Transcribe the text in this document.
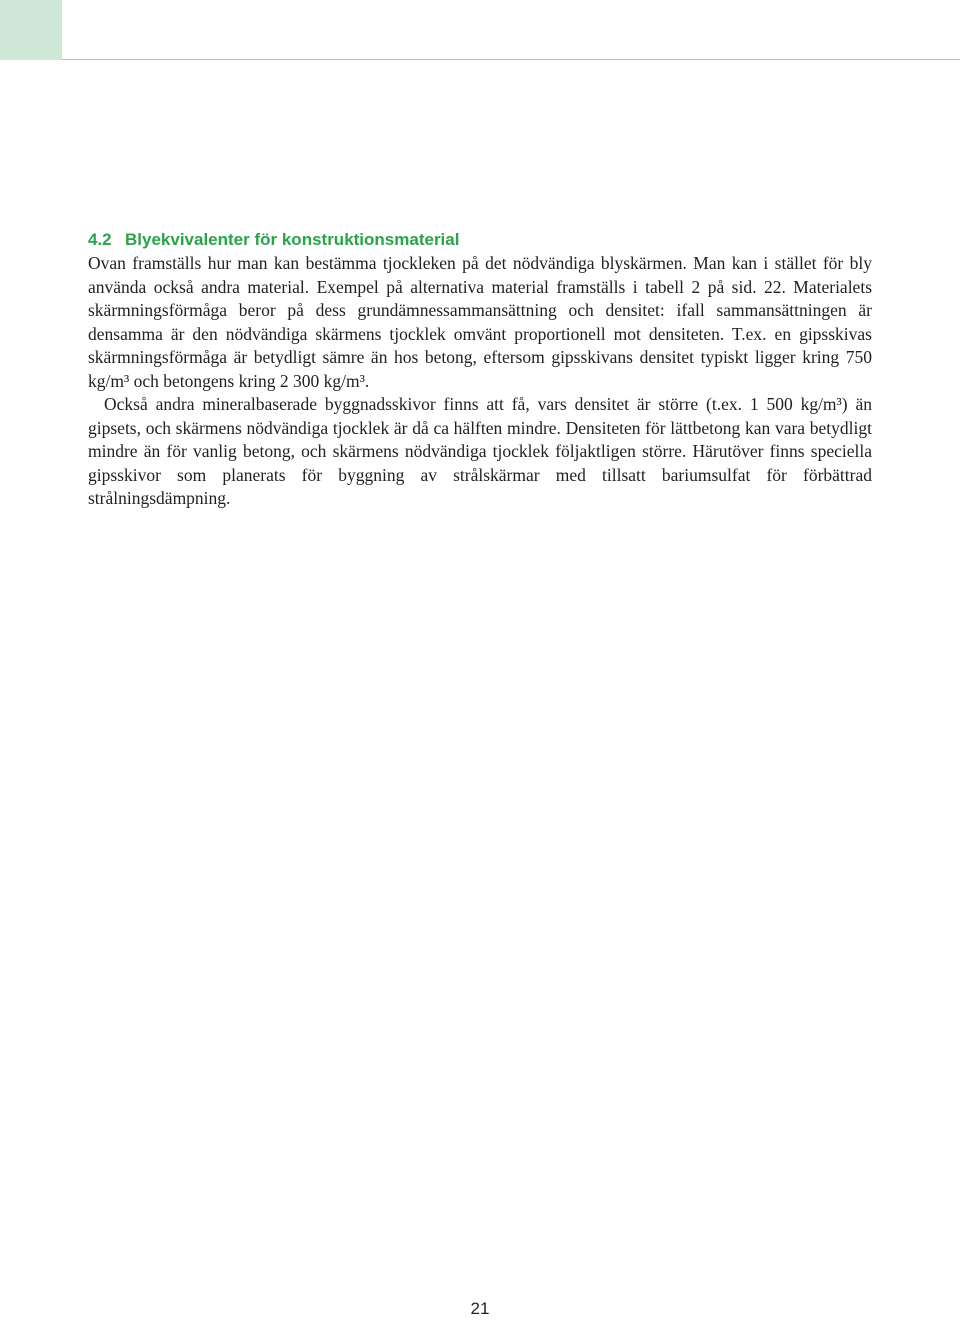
4.2 Blyekvivalenter för konstruktionsmaterial

Ovan framställs hur man kan bestämma tjockleken på det nödvändiga blyskärmen. Man kan i stället för bly använda också andra material. Exempel på alternativa material framställs i tabell 2 på sid. 22. Materialets skärmningsförmåga beror på dess grundämnessammansättning och densitet: ifall sammansättningen är densamma är den nödvändiga skärmens tjocklek omvänt proportionell mot densiteten. T.ex. en gipsskivas skärmningsförmåga är betydligt sämre än hos betong, eftersom gipsskivans densitet typiskt ligger kring 750 kg/m³ och betongens kring 2 300 kg/m³.

Också andra mineralbaserade byggnadsskivor finns att få, vars densitet är större (t.ex. 1 500 kg/m³) än gipsets, och skärmens nödvändiga tjocklek är då ca hälften mindre. Densiteten för lättbetong kan vara betydligt mindre än för vanlig betong, och skärmens nödvändiga tjocklek följaktligen större. Härutöver finns speciella gipsskivor som planerats för byggning av strålskärmar med tillsatt bariumsulfat för förbättrad strålningsdämpning.

21
